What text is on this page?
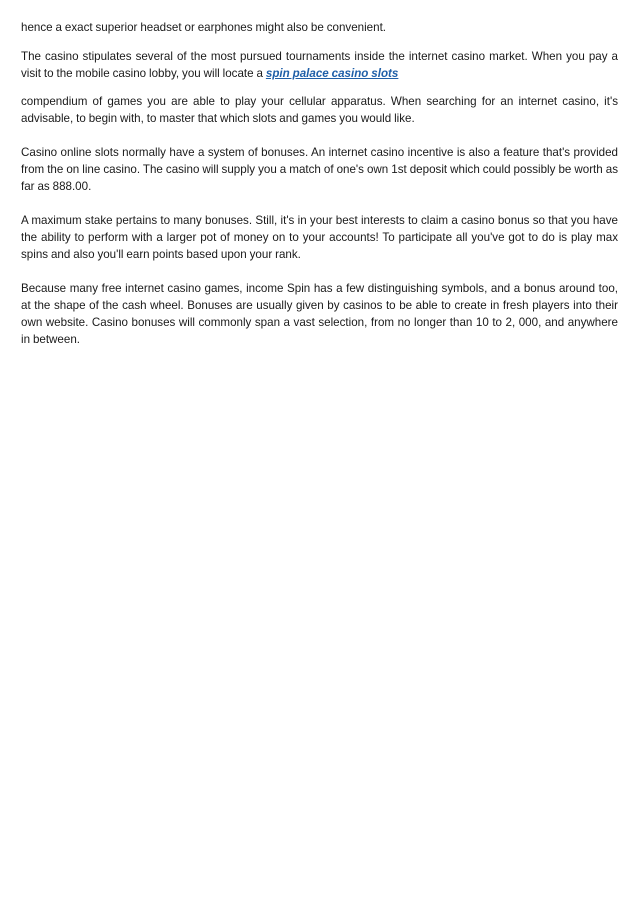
hence a exact superior headset or earphones might also be convenient.

The casino stipulates several of the most pursued tournaments inside the internet casino market. When you pay a visit to the mobile casino lobby, you will locate a spin palace casino slots

compendium of games you are able to play your cellular apparatus. When searching for an internet casino, it's advisable, to begin with, to master that which slots and games you would like.

Casino online slots normally have a system of bonuses. An internet casino incentive is also a feature that's provided from the on line casino. The casino will supply you a match of one's own 1st deposit which could possibly be worth as far as 888.00.

A maximum stake pertains to many bonuses. Still, it's in your best interests to claim a casino bonus so that you have the ability to perform with a larger pot of money on to your accounts! To participate all you've got to do is play max spins and also you'll earn points based upon your rank.

Because many free internet casino games, income Spin has a few distinguishing symbols, and a bonus around too, at the shape of the cash wheel. Bonuses are usually given by casinos to be able to create in fresh players into their own website. Casino bonuses will commonly span a vast selection, from no longer than 10 to 2, 000, and anywhere in between.
